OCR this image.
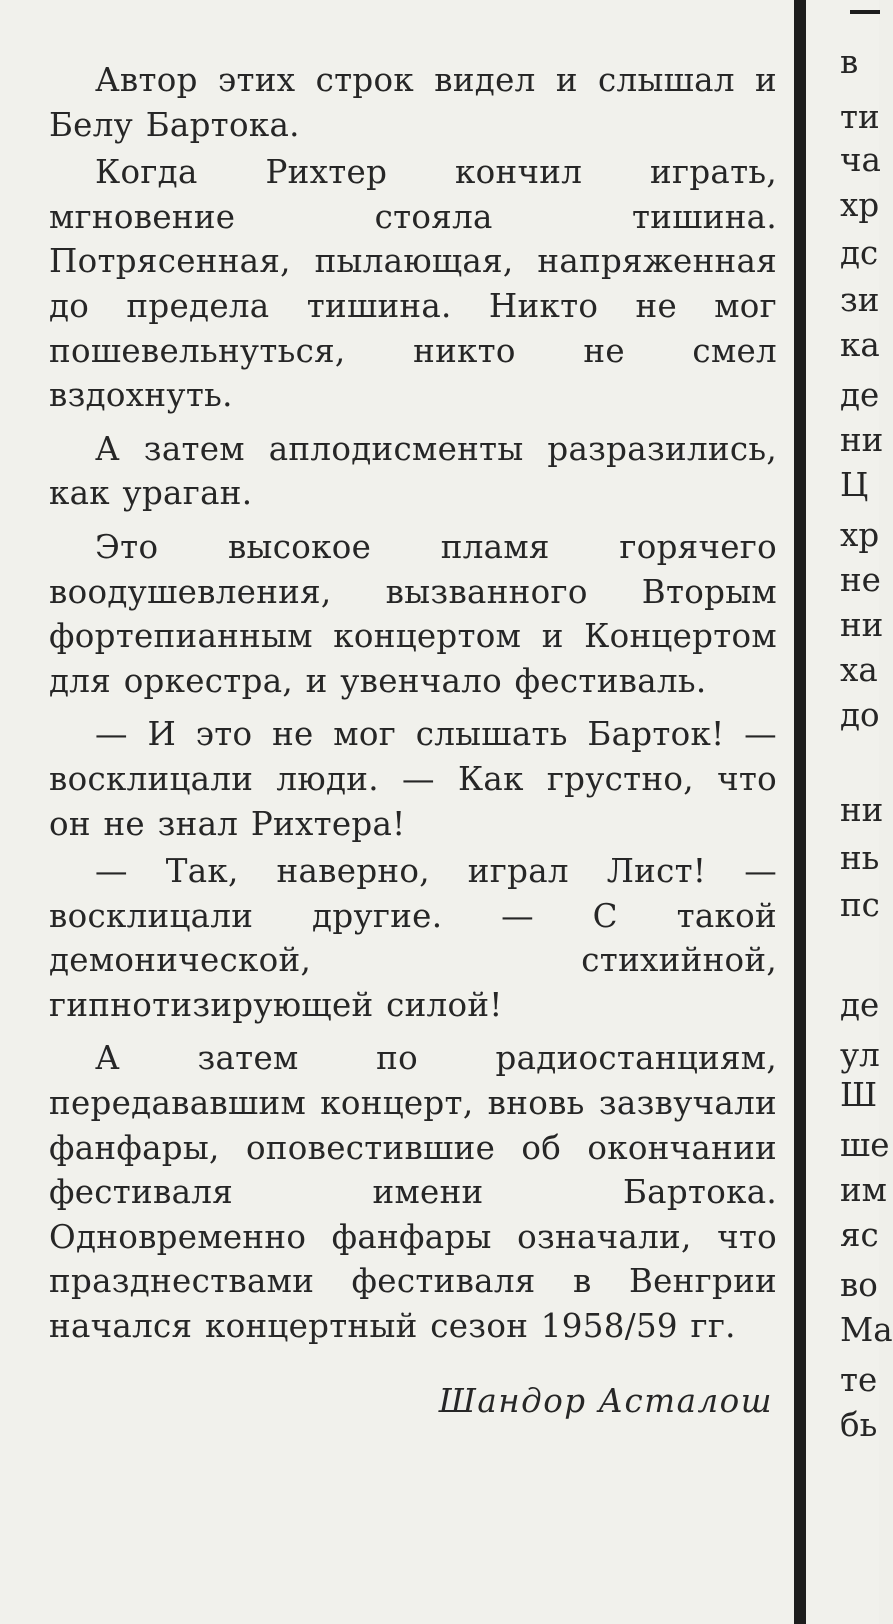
Автор этих строк видел и слышал и Белу Бартока.

Когда Рихтер кончил играть, мгновение стояла тишина. Потрясенная, пылающая, напряженная до предела тишина. Никто не мог пошевельнуться, никто не смел вздохнуть.

А затем аплодисменты разразились, как ураган.

Это высокое пламя горячего воодушевления, вызванного Вторым фортепианным концертом и Концертом для оркестра, и увенчало фестиваль.

— И это не мог слышать Барток! — восклицали люди. — Как грустно, что он не знал Рихтера!

— Так, наверно, играл Лист! — восклицали другие. — С такой демонической, стихийной, гипнотизирующей силой!

А затем по радиостанциям, передававшим концерт, вновь зазвучали фанфары, оповестившие об окончании фестиваля имени Бартока. Одновременно фанфары означали, что празднествами фестиваля в Венгрии начался концертный сезон 1958/59 гг.

Шандор Асталош
в
ти
ча
хр
дс
зи
ка
де
ни
Ц
хр
не
ни
ха
до
ни
нь
пс
де
ул
Ш
ше
им
яс
во
Ма
те
бь
